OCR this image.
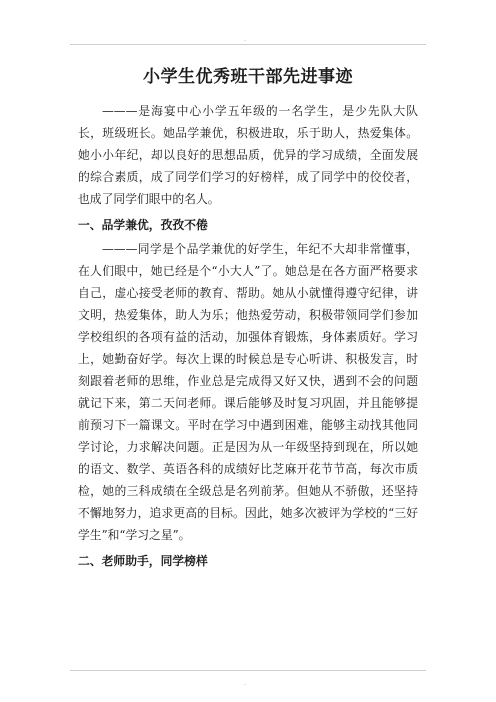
.
小学生优秀班干部先进事迹

———是海宴中心小学五年级的一名学生，是少先队大队长，班级班长。她品学兼优，积极进取，乐于助人，热爱集体。她小小年纪，却以良好的思想品质，优异的学习成绩，全面发展的综合素质，成了同学们学习的好榜样，成了同学中的佼佼者，也成了同学们眼中的名人。

一、品学兼优，孜孜不倦

———同学是个品学兼优的好学生，年纪不大却非常懂事，在人们眼中，她已经是个“小大人”了。她总是在各方面严格要求自己，虚心接受老师的教育、帮助。她从小就懂得遵守纪律，讲文明，热爱集体，助人为乐；他热爱劳动，积极带领同学们参加学校组织的各项有益的活动，加强体育锻炼，身体素质好。学习上，她勤奋好学。每次上课的时候总是专心听讲、积极发言，时刻跟着老师的思维，作业总是完成得又好又快，遇到不会的问题就记下来，第二天问老师。课后能够及时复习巩固，并且能够提前预习下一篇课文。平时在学习中遇到困难，能够主动找其他同学讨论，力求解决问题。正是因为从一年级坚持到现在，所以她的语文、数学、英语各科的成绩好比芝麻开花节节高，每次市质检，她的三科成绩在全级总是名列前茅。但她从不骄傲，还坚持不懈地努力，追求更高的目标。因此，她多次被评为学校的“三好学生”和“学习之星”。

二、老师助手，同学榜样
.
